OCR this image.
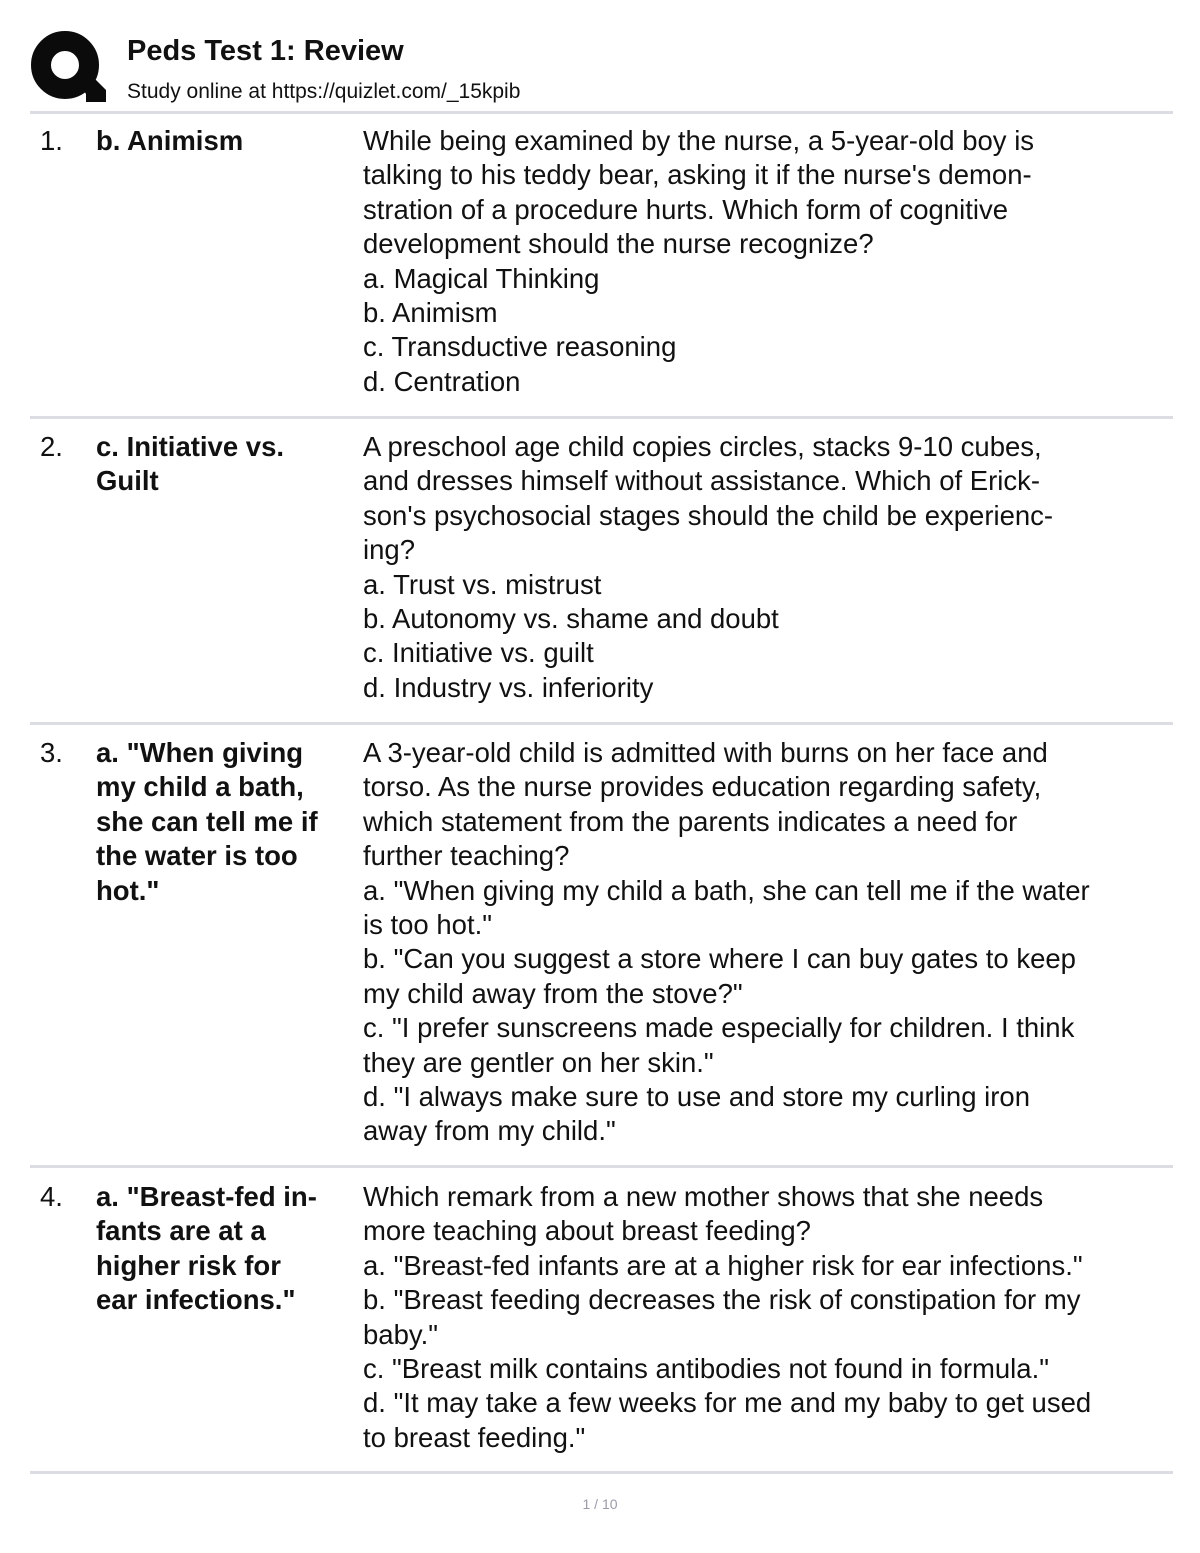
Peds Test 1: Review
Study online at https://quizlet.com/_15kpib
1. b. Animism	While being examined by the nurse, a 5-year-old boy is
talking to his teddy bear, asking it if the nurse's demon-
stration of a procedure hurts. Which form of cognitive
development should the nurse recognize?
a. Magical Thinking
b. Animism
c. Transductive reasoning
d. Centration
2. c. Initiative vs.
Guilt
A preschool age child copies circles, stacks 9-10 cubes,
and dresses himself without assistance. Which of Erick-
son's psychosocial stages should the child be experienc-
ing?
a. Trust vs. mistrust
b. Autonomy vs. shame and doubt
c. Initiative vs. guilt
d. Industry vs. inferiority
3. a. "When giving
my child a bath,
she can tell me if
the water is too
hot."
A 3-year-old child is admitted with burns on her face and
torso. As the nurse provides education regarding safety,
which statement from the parents indicates a need for
further teaching?
a. "When giving my child a bath, she can tell me if the water
is too hot."
b. "Can you suggest a store where I can buy gates to keep
my child away from the stove?"
c. "I prefer sunscreens made especially for children. I think
they are gentler on her skin."
d. "I always make sure to use and store my curling iron
away from my child."
4. a. "Breast-fed in-
fants are at a
higher risk for
ear infections."
Which remark from a new mother shows that she needs
more teaching about breast feeding?
a. "Breast-fed infants are at a higher risk for ear infections."
b. "Breast feeding decreases the risk of constipation for my
baby."
c. "Breast milk contains antibodies not found in formula."
d. "It may take a few weeks for me and my baby to get used
to breast feeding."
1 / 10
